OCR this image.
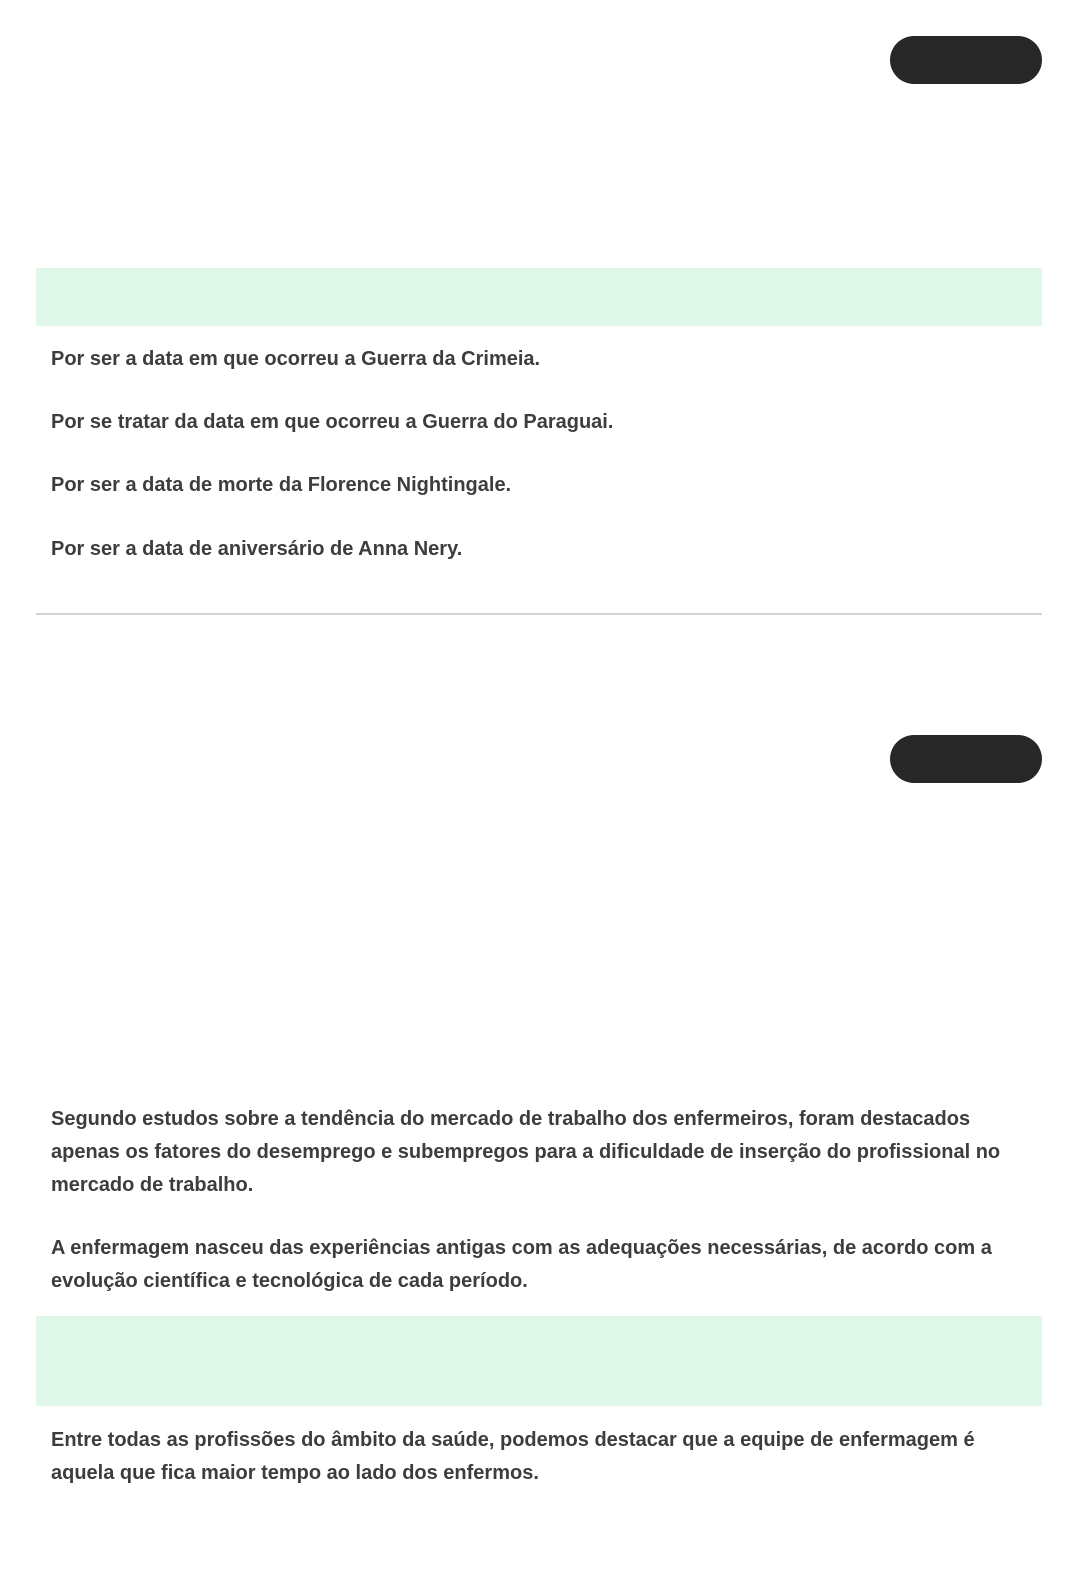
Por ser a data em que ocorreu a Guerra da Crimeia.

Por se tratar da data em que ocorreu a Guerra do Paraguai.

Por ser a data de morte da Florence Nightingale.

Por ser a data de aniversário de Anna Nery.

Segundo estudos sobre a tendência do mercado de trabalho dos enfermeiros, foram destacados apenas os fatores do desemprego e subempregos para a dificuldade de inserção do profissional no mercado de trabalho.

A enfermagem nasceu das experiências antigas com as adequações necessárias, de acordo com a evolução científica e tecnológica de cada período.

Entre todas as profissões do âmbito da saúde, podemos destacar que a equipe de enfermagem é aquela que fica maior tempo ao lado dos enfermos.
